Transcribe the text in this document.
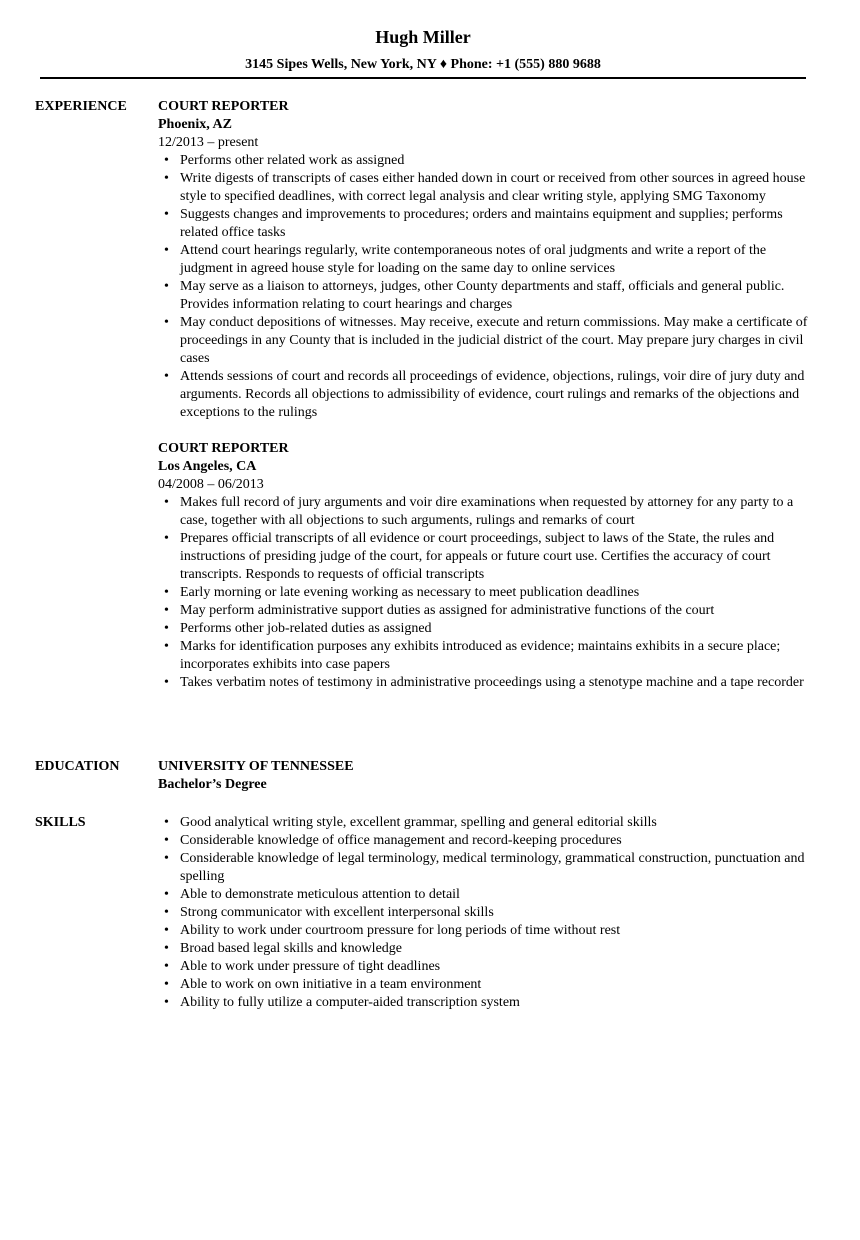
Hugh Miller
3145 Sipes Wells, New York, NY ♦ Phone: +1 (555) 880 9688
EXPERIENCE COURT REPORTER
Phoenix, AZ
12/2013 – present
• Performs other related work as assigned
• Write digests of transcripts of cases either handed down in court or received from other sources in agreed house style to specified deadlines, with correct legal analysis and clear writing style, applying SMG Taxonomy
• Suggests changes and improvements to procedures; orders and maintains equipment and supplies; performs related office tasks
• Attend court hearings regularly, write contemporaneous notes of oral judgments and write a report of the judgment in agreed house style for loading on the same day to online services
• May serve as a liaison to attorneys, judges, other County departments and staff, officials and general public. Provides information relating to court hearings and charges
• May conduct depositions of witnesses. May receive, execute and return commissions. May make a certificate of proceedings in any County that is included in the judicial district of the court. May prepare jury charges in civil cases
• Attends sessions of court and records all proceedings of evidence, objections, rulings, voir dire of jury duty and arguments. Records all objections to admissibility of evidence, court rulings and remarks of the objections and exceptions to the rulings
COURT REPORTER
Los Angeles, CA
04/2008 – 06/2013
• Makes full record of jury arguments and voir dire examinations when requested by attorney for any party to a case, together with all objections to such arguments, rulings and remarks of court
• Prepares official transcripts of all evidence or court proceedings, subject to laws of the State, the rules and instructions of presiding judge of the court, for appeals or future court use. Certifies the accuracy of court transcripts. Responds to requests of official transcripts
• Early morning or late evening working as necessary to meet publication deadlines
• May perform administrative support duties as assigned for administrative functions of the court
• Performs other job-related duties as assigned
• Marks for identification purposes any exhibits introduced as evidence; maintains exhibits in a secure place; incorporates exhibits into case papers
• Takes verbatim notes of testimony in administrative proceedings using a stenotype machine and a tape recorder
EDUCATION	UNIVERSITY OF TENNESSEE
Bachelor’s Degree
SKILLS
•	Good analytical writing style, excellent grammar, spelling and general editorial skills
• Considerable knowledge of office management and record-keeping procedures
• Considerable knowledge of legal terminology, medical terminology, grammatical construction, punctuation and spelling
• Able to demonstrate meticulous attention to detail
• Strong communicator with excellent interpersonal skills
• Ability to work under courtroom pressure for long periods of time without rest
• Broad based legal skills and knowledge
• Able to work under pressure of tight deadlines
• Able to work on own initiative in a team environment
• Ability to fully utilize a computer-aided transcription system
